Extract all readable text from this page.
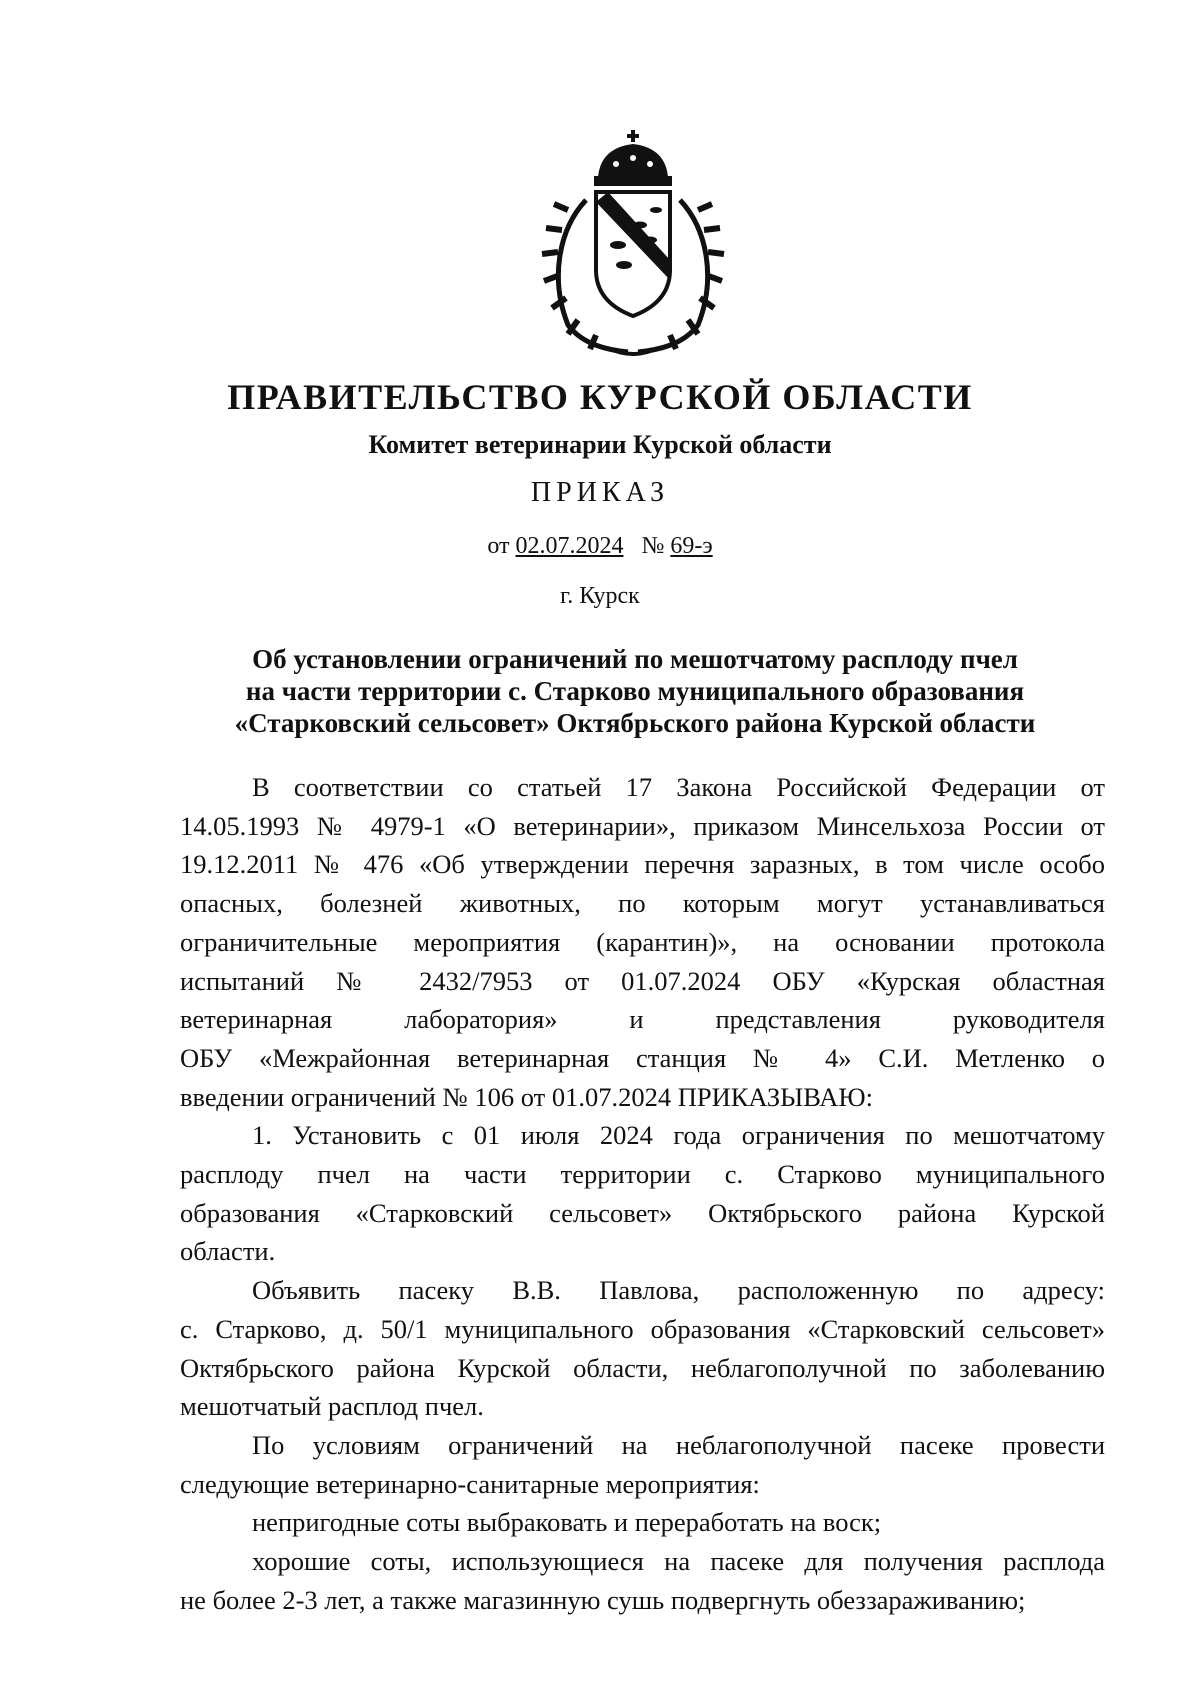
ПРАВИТЕЛЬСТВО КУРСКОЙ ОБЛАСТИ
Комитет ветеринарии Курской области
ПРИКАЗ
от 02.07.2024 № 69-э
г. Курск
Об установлении ограничений по мешотчатому расплоду пчел
на части территории с. Старково муниципального образования
«Старковский сельсовет» Октябрьского района Курской области
В соответствии со статьей 17 Закона Российской Федерации от
14.05.1993 № 4979-1 «О ветеринарии», приказом Минсельхоза России от
19.12.2011 № 476 «Об утверждении перечня заразных, в том числе особо
опасных, болезней животных, по которым могут устанавливаться
ограничительные мероприятия (карантин)», на основании протокола
испытаний № 2432/7953 от 01.07.2024 ОБУ «Курская областная
ветеринарная лаборатория» и представления руководителя
ОБУ «Межрайонная ветеринарная станция № 4» С.И. Метленко о
введении ограничений № 106 от 01.07.2024 ПРИКАЗЫВАЮ:
1. Установить с 01 июля 2024 года ограничения по мешотчатому
расплоду пчел на части территории с. Старково муниципального
образования «Старковский сельсовет» Октябрьского района Курской
области.
Объявить пасеку В.В. Павлова, расположенную по адресу:
с. Старково, д. 50/1 муниципального образования «Старковский сельсовет»
Октябрьского района Курской области, неблагополучной по заболеванию
мешотчатый расплод пчел.
По условиям ограничений на неблагополучной пасеке провести
следующие ветеринарно-санитарные мероприятия:
непригодные соты выбраковать и переработать на воск;
хорошие соты, использующиеся на пасеке для получения расплода
не более 2-3 лет, а также магазинную сушь подвергнуть обеззараживанию;
